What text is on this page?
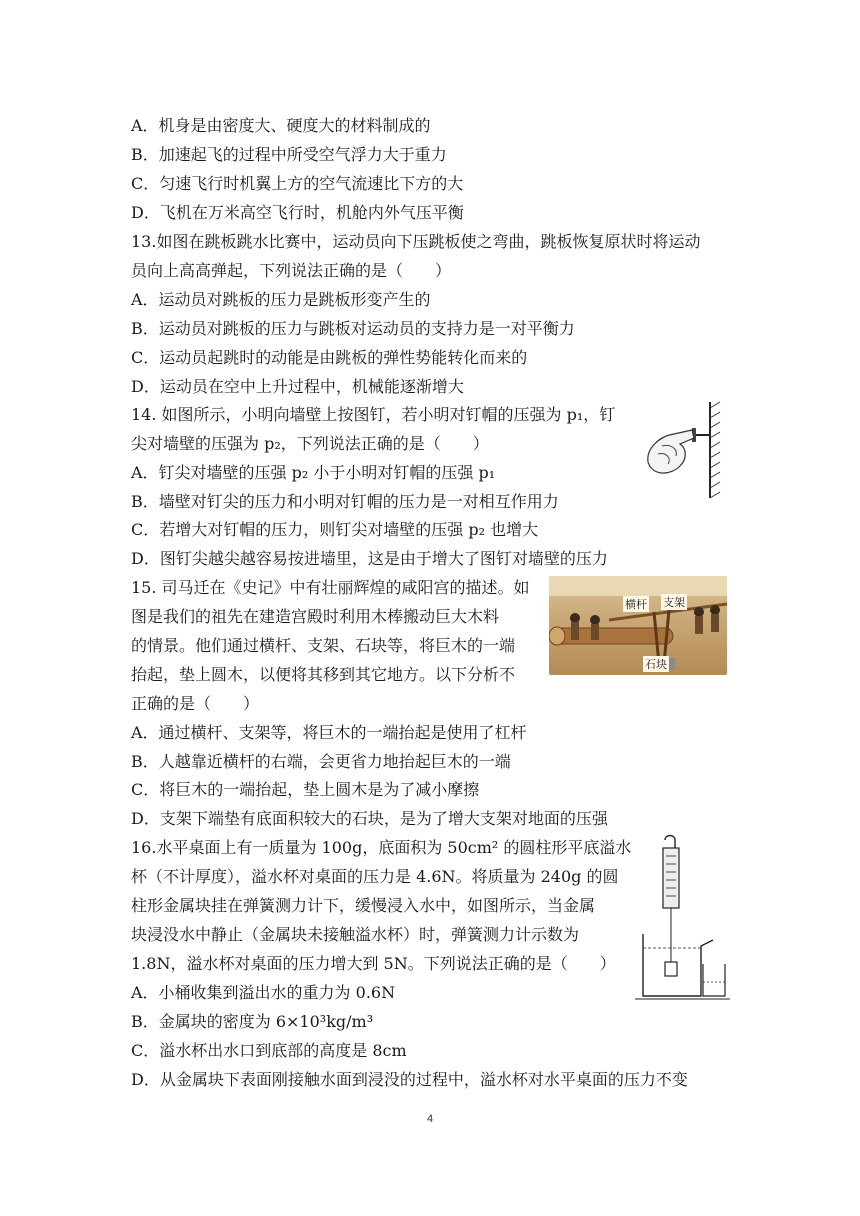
A．机身是由密度大、硬度大的材料制成的
B．加速起飞的过程中所受空气浮力大于重力
C．匀速飞行时机翼上方的空气流速比下方的大
D．飞机在万米高空飞行时，机舱内外气压平衡
13.如图在跳板跳水比赛中，运动员向下压跳板使之弯曲，跳板恢复原状时将运动
员向上高高弹起，下列说法正确的是（　　）
A．运动员对跳板的压力是跳板形变产生的
B．运动员对跳板的压力与跳板对运动员的支持力是一对平衡力
C．运动员起跳时的动能是由跳板的弹性势能转化而来的
D．运动员在空中上升过程中，机械能逐渐增大
14. 如图所示，小明向墙壁上按图钉，若小明对钉帽的压强为 p₁，钉
尖对墙壁的压强为 p₂，下列说法正确的是（　　）
A．钉尖对墙壁的压强 p₂ 小于小明对钉帽的压强 p₁
B．墙壁对钉尖的压力和小明对钉帽的压力是一对相互作用力
C．若增大对钉帽的压力，则钉尖对墙壁的压强 p₂ 也增大
D．图钉尖越尖越容易按进墙里，这是由于增大了图钉对墙壁的压力
15. 司马迁在《史记》中有壮丽辉煌的咸阳宫的描述。如
图是我们的祖先在建造宫殿时利用木棒搬动巨大木料
的情景。他们通过横杆、支架、石块等，将巨木的一端
抬起，垫上圆木，以便将其移到其它地方。以下分析不
正确的是（　　）
A．通过横杆、支架等，将巨木的一端抬起是使用了杠杆
B．人越靠近横杆的右端，会更省力地抬起巨木的一端
C．将巨木的一端抬起，垫上圆木是为了减小摩擦
D．支架下端垫有底面积较大的石块，是为了增大支架对地面的压强
16.水平桌面上有一质量为 100g，底面积为 50cm² 的圆柱形平底溢水
杯（不计厚度），溢水杯对桌面的压力是 4.6N。将质量为 240g 的圆
柱形金属块挂在弹簧测力计下，缓慢浸入水中，如图所示，当金属
块浸没水中静止（金属块未接触溢水杯）时，弹簧测力计示数为
1.8N，溢水杯对桌面的压力增大到 5N。下列说法正确的是（　　）
A．小桶收集到溢出水的重力为 0.6N
B．金属块的密度为 6×10³kg/m³
C．溢水杯出水口到底部的高度是 8cm
D．从金属块下表面刚接触水面到浸没的过程中，溢水杯对水平桌面的压力不变
4
横杆 支架
石块
